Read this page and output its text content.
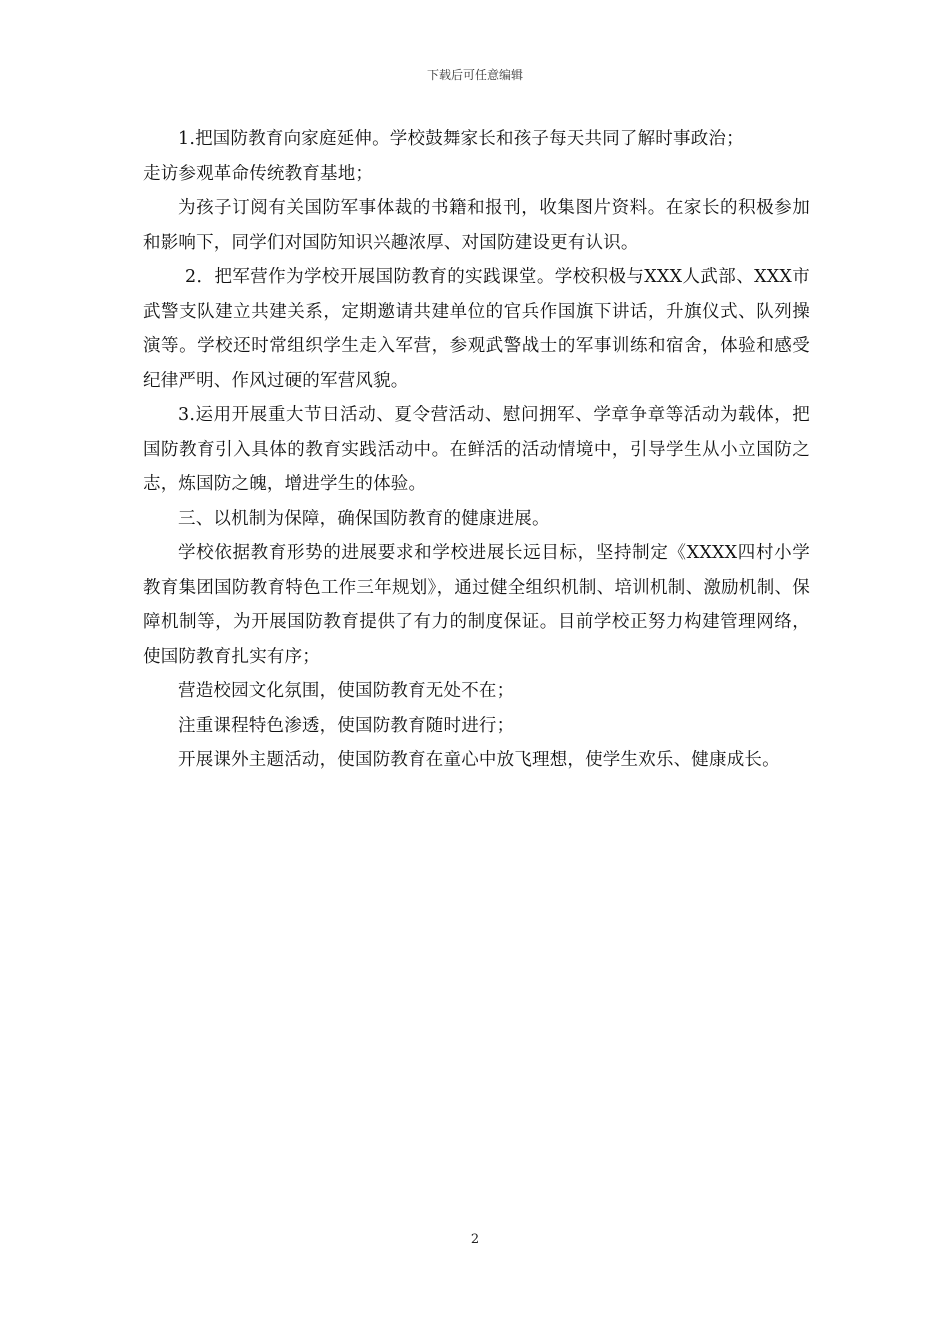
下载后可任意编辑

1.把国防教育向家庭延伸。学校鼓舞家长和孩子每天共同了解时事政治；

走访参观革命传统教育基地；

为孩子订阅有关国防军事体裁的书籍和报刊，收集图片资料。在家长的积极参加和影响下，同学们对国防知识兴趣浓厚、对国防建设更有认识。

2．把军营作为学校开展国防教育的实践课堂。学校积极与XXX人武部、XXX市武警支队建立共建关系，定期邀请共建单位的官兵作国旗下讲话，升旗仪式、队列操演等。学校还时常组织学生走入军营，参观武警战士的军事训练和宿舍，体验和感受纪律严明、作风过硬的军营风貌。

3.运用开展重大节日活动、夏令营活动、慰问拥军、学章争章等活动为载体，把国防教育引入具体的教育实践活动中。在鲜活的活动情境中，引导学生从小立国防之志，炼国防之魄，增进学生的体验。

三、以机制为保障，确保国防教育的健康进展。

学校依据教育形势的进展要求和学校进展长远目标，坚持制定《XXXX四村小学教育集团国防教育特色工作三年规划》，通过健全组织机制、培训机制、激励机制、保障机制等，为开展国防教育提供了有力的制度保证。目前学校正努力构建管理网络，使国防教育扎实有序；

营造校园文化氛围，使国防教育无处不在；

注重课程特色渗透，使国防教育随时进行；

开展课外主题活动，使国防教育在童心中放飞理想，使学生欢乐、健康成长。

2
